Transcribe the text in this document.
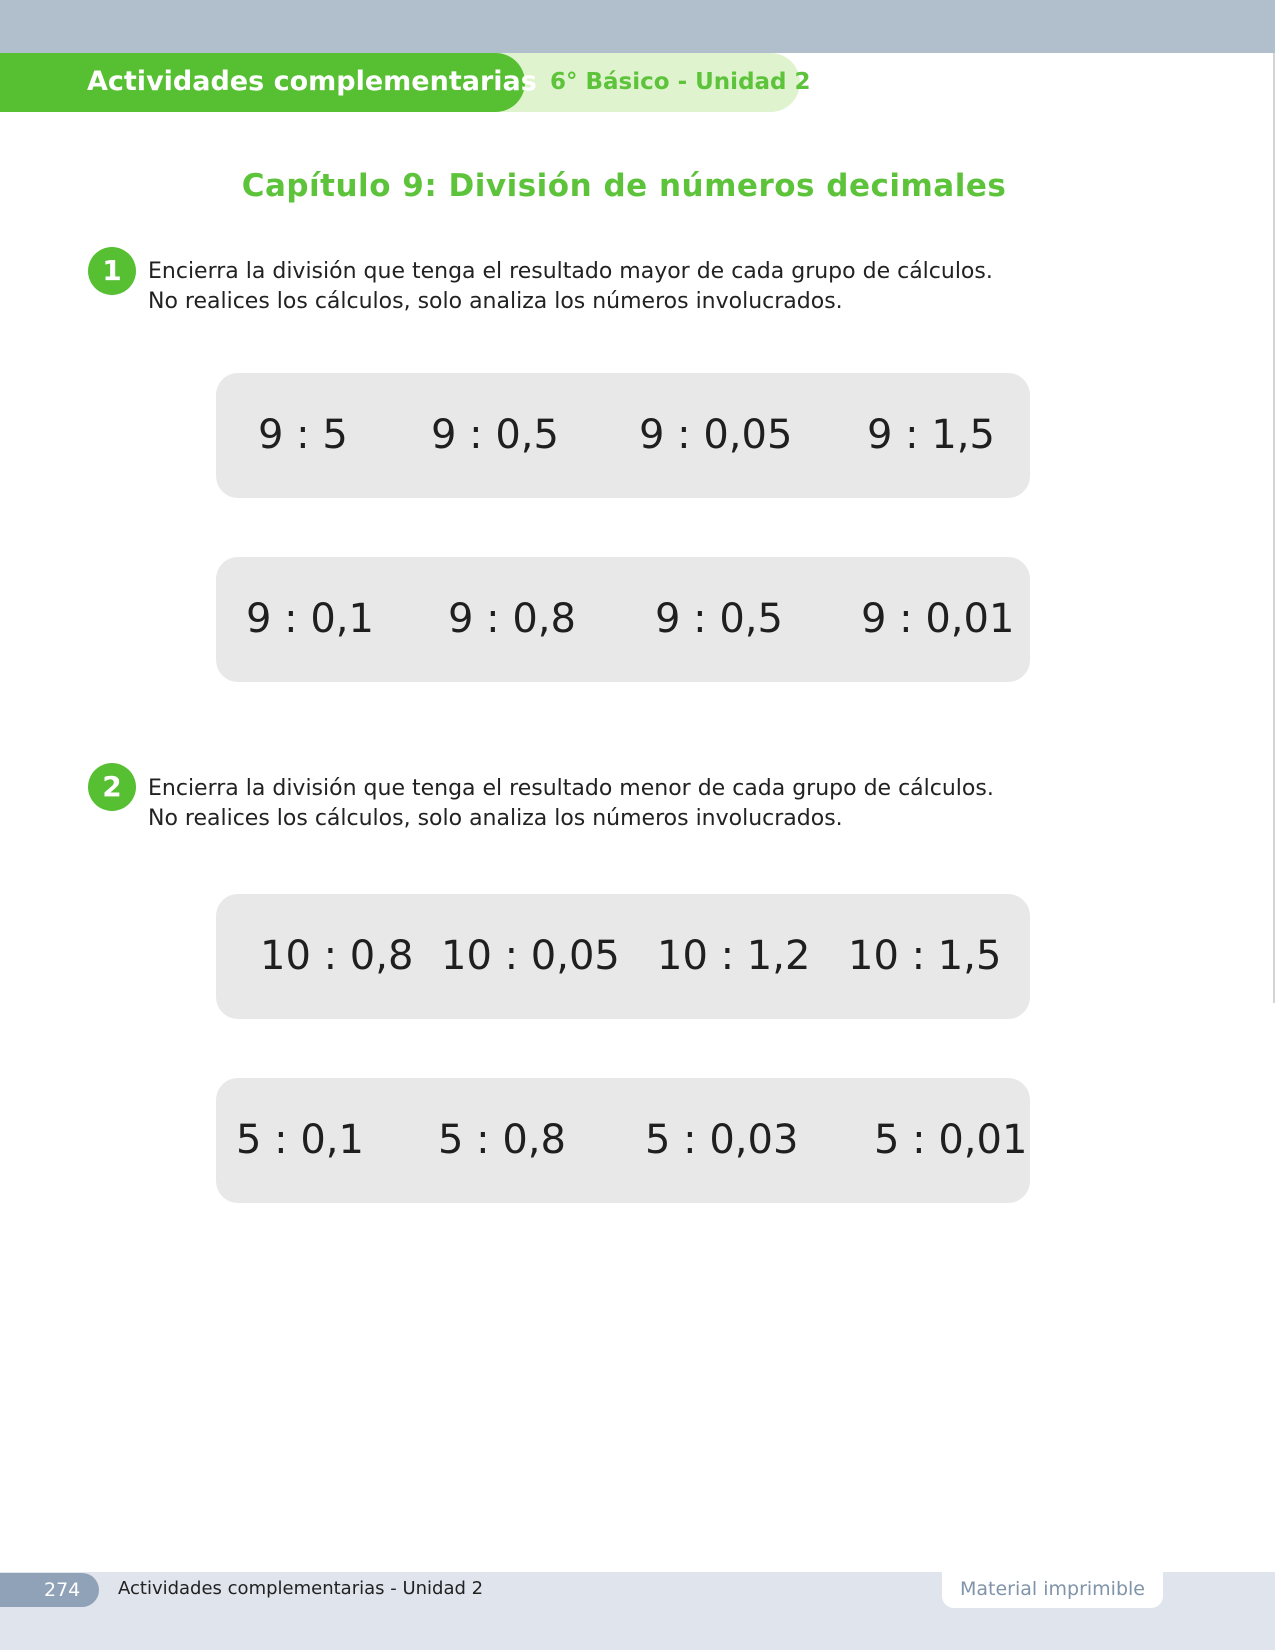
6° Básico - Unidad 2
Actividades complementarias
Capítulo 9: División de números decimales
1	Encierra la división que tenga el resultado mayor de cada grupo de cálculos.
No realices los cálculos, solo analiza los números involucrados.
9 : 5 9 : 0,5 9 : 0,05 9 : 1,5
9 : 0,1 9 : 0,8 9 : 0,5 9 : 0,01
2	Encierra la división que tenga el resultado menor de cada grupo de cálculos.
No realices los cálculos, solo analiza los números involucrados.
10 : 0,8 10 : 0,05 10 : 1,2 10 : 1,5
5 : 0,1 5 : 0,8 5 : 0,03 5 : 0,01
274	Actividades complementarias - Unidad 2	Material imprimible
